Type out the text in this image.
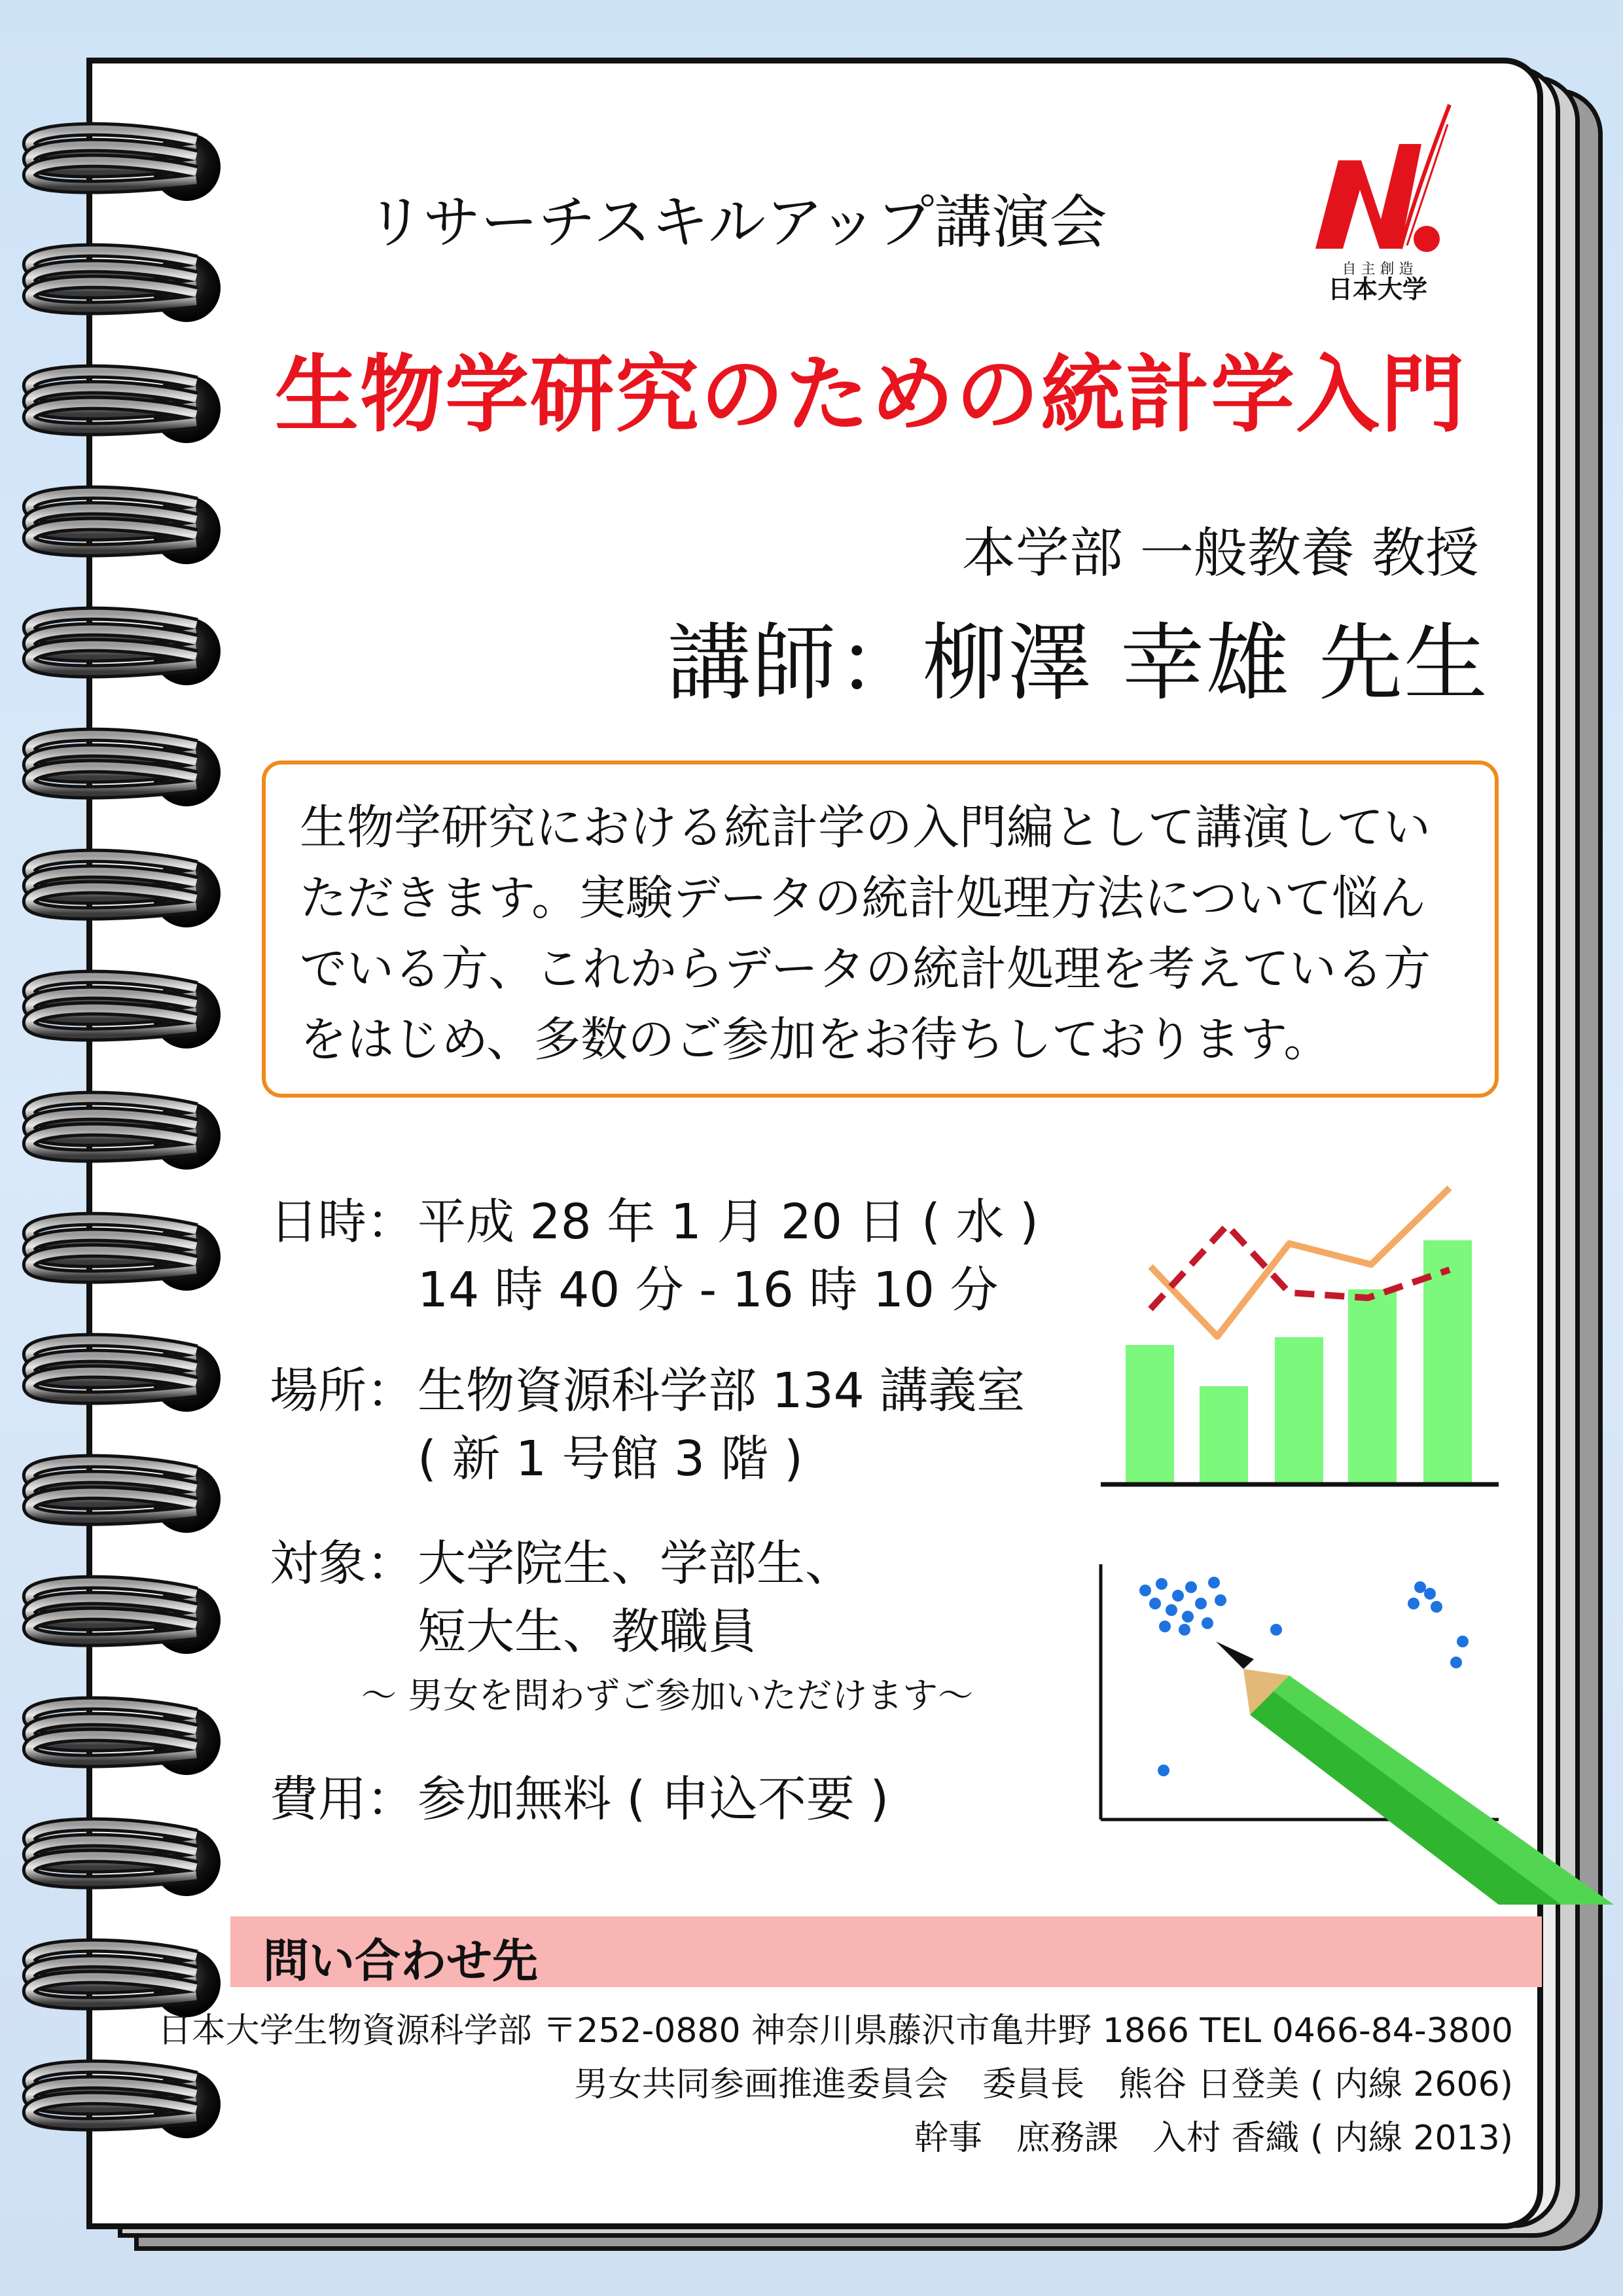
自 主 創 造
日本大学
リサーチスキルアップ講演会
生物学研究のための統計学入門
本学部 一般教養 教授
講師：柳澤 幸雄 先生
生物学研究における統計学の入門編として講演してい
ただきます。実験データの統計処理方法について悩ん
でいる方、これからデータの統計処理を考えている方
をはじめ、多数のご参加をお待ちしております。
日時： 平成 28 年 1 月 20 日 ( 水 )
14 時 40 分 - 16 時 10 分
場所： 生物資源科学部 134 講義室
( 新 1 号館 3 階 )
対象： 大学院生、学部生、
短大生、教職員
～ 男女を問わずご参加いただけます～
費用： 参加無料 ( 申込不要 )
問い合わせ先
日本大学生物資源科学部 〒252-0880 神奈川県藤沢市亀井野 1866 TEL 0466-84-3800
男女共同参画推進委員会　委員長　熊谷 日登美 ( 内線 2606)
幹事　庶務課　入村 香織 ( 内線 2013)
